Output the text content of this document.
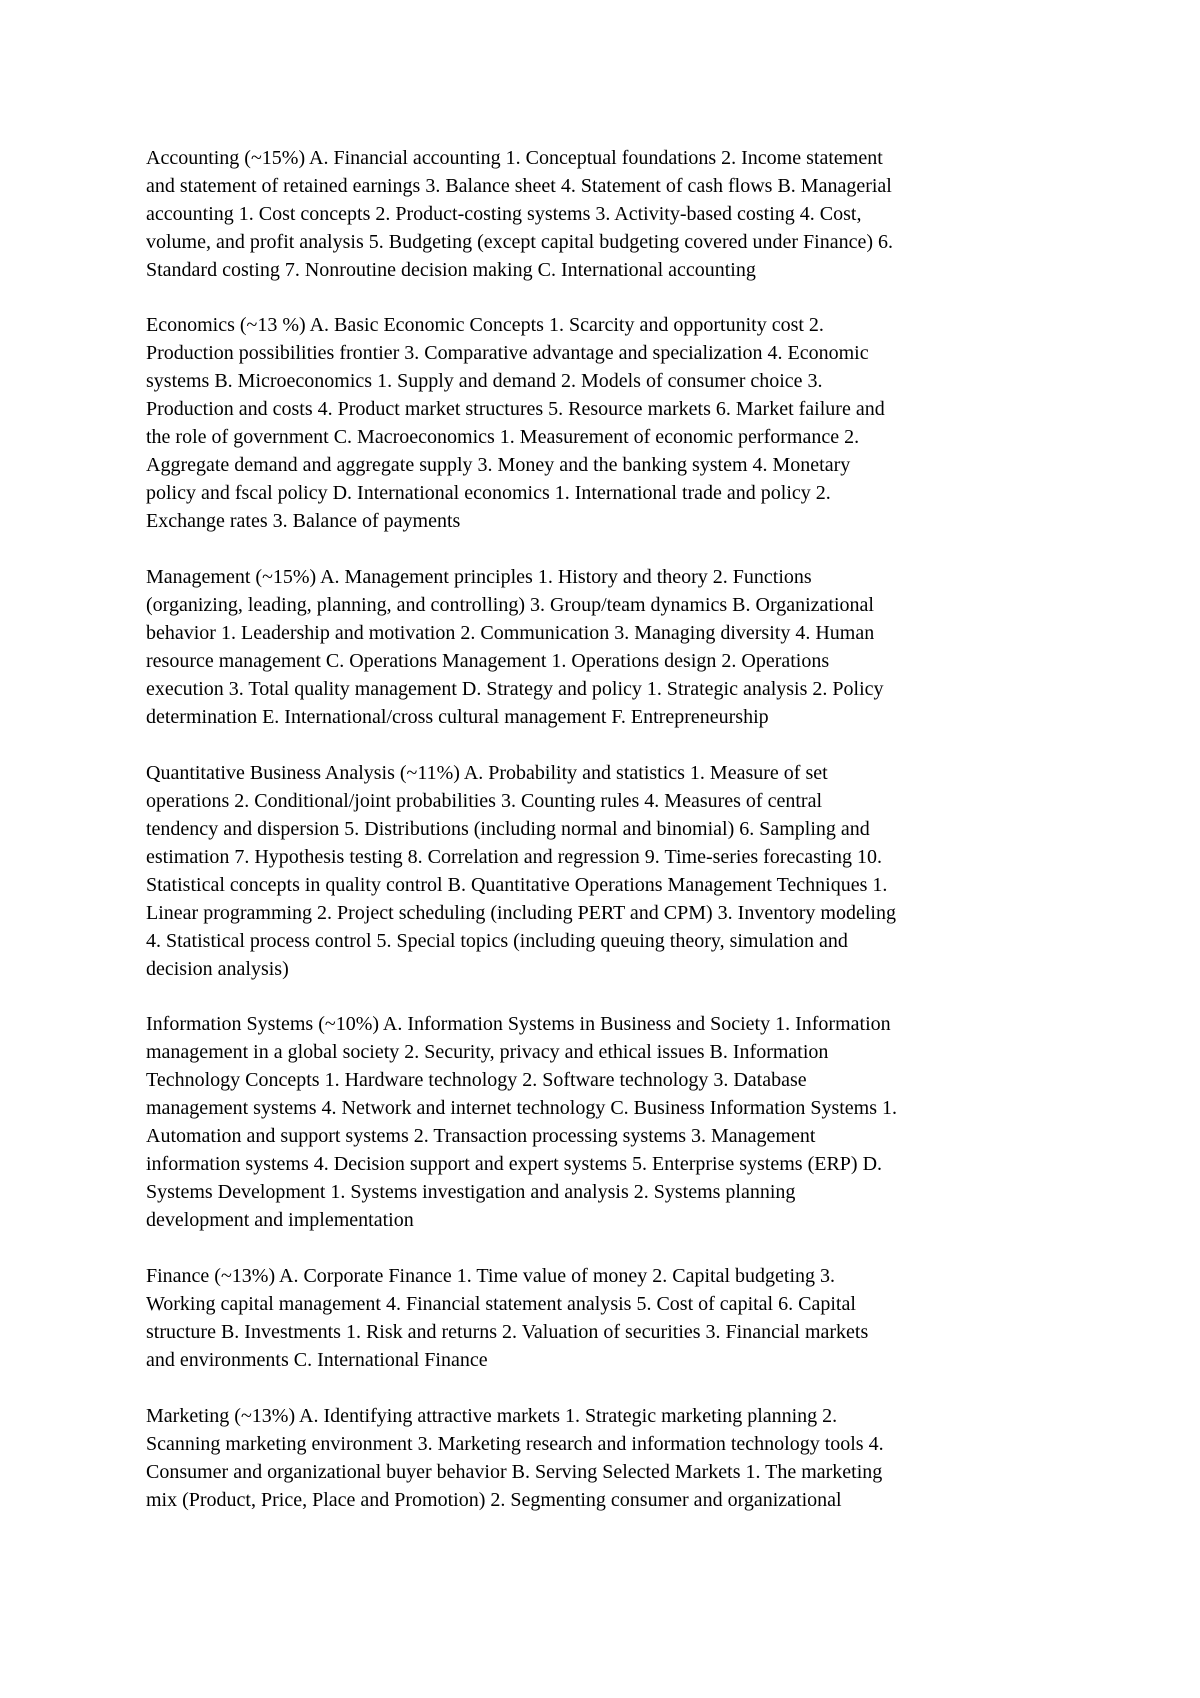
Accounting (~15%) A. Financial accounting 1. Conceptual foundations 2. Income statement
and statement of retained earnings 3. Balance sheet 4. Statement of cash flows B. Managerial
accounting 1. Cost concepts 2. Product-costing systems 3. Activity-based costing 4. Cost,
volume, and profit analysis 5. Budgeting (except capital budgeting covered under Finance) 6.
Standard costing 7. Nonroutine decision making C. International accounting

Economics (~13 %) A. Basic Economic Concepts 1. Scarcity and opportunity cost 2.
Production possibilities frontier 3. Comparative advantage and specialization 4. Economic
systems B. Microeconomics 1. Supply and demand 2. Models of consumer choice 3.
Production and costs 4. Product market structures 5. Resource markets 6. Market failure and
the role of government C. Macroeconomics 1. Measurement of economic performance 2.
Aggregate demand and aggregate supply 3. Money and the banking system 4. Monetary
policy and fscal policy D. International economics 1. International trade and policy 2.
Exchange rates 3. Balance of payments

Management (~15%) A. Management principles 1. History and theory 2. Functions
(organizing, leading, planning, and controlling) 3. Group/team dynamics B. Organizational
behavior 1. Leadership and motivation 2. Communication 3. Managing diversity 4. Human
resource management C. Operations Management 1. Operations design 2. Operations
execution 3. Total quality management D. Strategy and policy 1. Strategic analysis 2. Policy
determination E. International/cross cultural management F. Entrepreneurship

Quantitative Business Analysis (~11%) A. Probability and statistics 1. Measure of set
operations 2. Conditional/joint probabilities 3. Counting rules 4. Measures of central
tendency and dispersion 5. Distributions (including normal and binomial) 6. Sampling and
estimation 7. Hypothesis testing 8. Correlation and regression 9. Time-series forecasting 10.
Statistical concepts in quality control B. Quantitative Operations Management Techniques 1.
Linear programming 2. Project scheduling (including PERT and CPM) 3. Inventory modeling
4. Statistical process control 5. Special topics (including queuing theory, simulation and
decision analysis)

Information Systems (~10%) A. Information Systems in Business and Society 1. Information
management in a global society 2. Security, privacy and ethical issues B. Information
Technology Concepts 1. Hardware technology 2. Software technology 3. Database
management systems 4. Network and internet technology C. Business Information Systems 1.
Automation and support systems 2. Transaction processing systems 3. Management
information systems 4. Decision support and expert systems 5. Enterprise systems (ERP) D.
Systems Development 1. Systems investigation and analysis 2. Systems planning
development and implementation

Finance (~13%) A. Corporate Finance 1. Time value of money 2. Capital budgeting 3.
Working capital management 4. Financial statement analysis 5. Cost of capital 6. Capital
structure B. Investments 1. Risk and returns 2. Valuation of securities 3. Financial markets
and environments C. International Finance

Marketing (~13%) A. Identifying attractive markets 1. Strategic marketing planning 2.
Scanning marketing environment 3. Marketing research and information technology tools 4.
Consumer and organizational buyer behavior B. Serving Selected Markets 1. The marketing
mix (Product, Price, Place and Promotion) 2. Segmenting consumer and organizational
